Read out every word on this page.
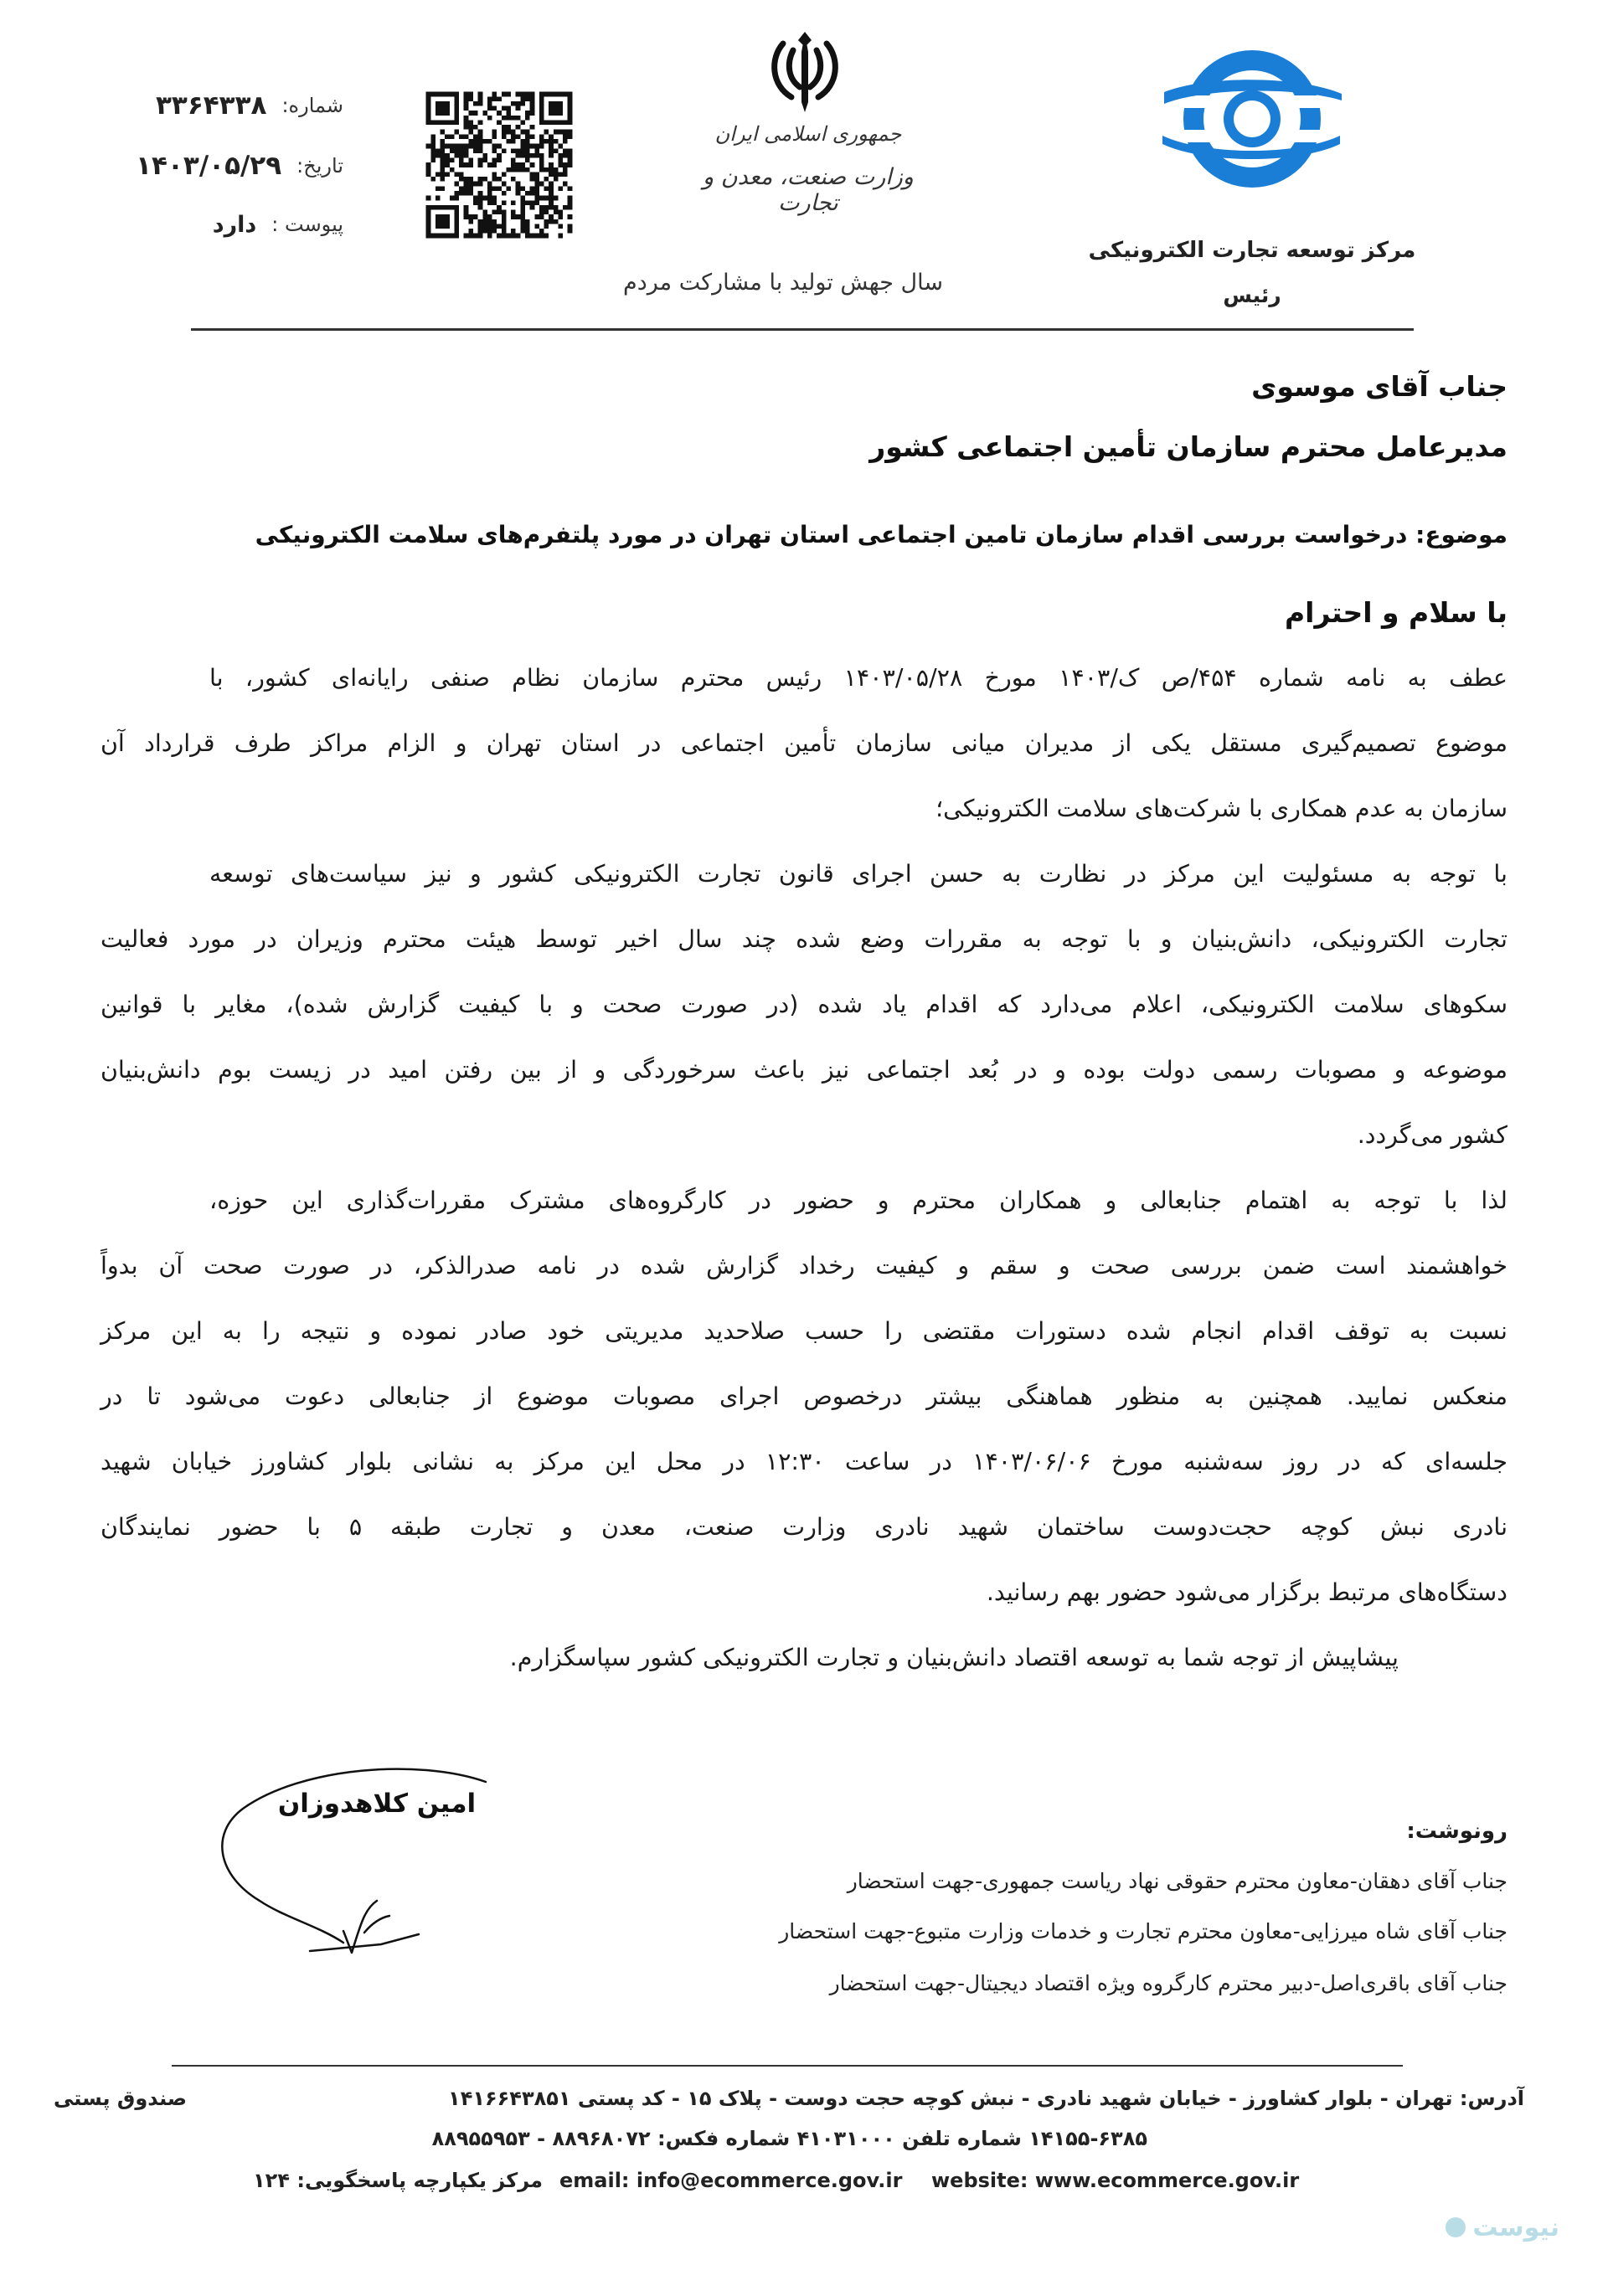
شماره:
۳۳۶۴۳۳۸
تاریخ:
۱۴۰۳/۰۵/۲۹
پیوست :
دارد
جمهوری اسلامی ایران
وزارت صنعت، معدن و تجارت
سال جهش تولید با مشارکت مردم
مرکز توسعه تجارت الکترونیکی
رئیس
جناب آقای موسوی
مدیرعامل محترم سازمان تأمین اجتماعی کشور
موضوع: درخواست بررسی اقدام سازمان تامین اجتماعی استان تهران در مورد پلتفرم‌های سلامت الکترونیکی
با سلام و احترام
عطف به نامه شماره ۴۵۴/ص ک/۱۴۰۳ مورخ ۱۴۰۳/۰۵/۲۸ رئیس محترم سازمان نظام صنفی رایانه‌ای کشور، با
موضوع تصمیم‌گیری مستقل یکی از مدیران میانی سازمان تأمین اجتماعی در استان تهران و الزام مراکز طرف قرارداد آن
سازمان به عدم همکاری با شرکت‌های سلامت الکترونیکی؛
با توجه به مسئولیت این مرکز در نظارت به حسن اجرای قانون تجارت الکترونیکی کشور و نیز سیاست‌های توسعه
تجارت الکترونیکی، دانش‌بنیان و با توجه به مقررات وضع شده چند سال اخیر توسط هیئت محترم وزیران در مورد فعالیت
سکوهای سلامت الکترونیکی، اعلام می‌دارد که اقدام یاد شده (در صورت صحت و با کیفیت گزارش شده)، مغایر با قوانین
موضوعه و مصوبات رسمی دولت بوده و در بُعد اجتماعی نیز باعث سرخوردگی و از بین رفتن امید در زیست بوم دانش‌بنیان
کشور می‌گردد.
لذا با توجه به اهتمام جنابعالی و همکاران محترم و حضور در کارگروه‌های مشترک مقررات‌گذاری این حوزه،
خواهشمند است ضمن بررسی صحت و سقم و کیفیت رخداد گزارش شده در نامه صدرالذکر، در صورت صحت آن بدواً
نسبت به توقف اقدام انجام شده دستورات مقتضی را حسب صلاحدید مدیریتی خود صادر نموده و نتیجه را به این مرکز
منعکس نمایید. همچنین به منظور هماهنگی بیشتر درخصوص اجرای مصوبات موضوع از جنابعالی دعوت می‌شود تا در
جلسه‌ای که در روز سه‌شنبه مورخ ۱۴۰۳/۰۶/۰۶ در ساعت ۱۲:۳۰ در محل این مرکز به نشانی بلوار کشاورز خیابان شهید
نادری نبش کوچه حجت‌دوست ساختمان شهید نادری وزارت صنعت، معدن و تجارت طبقه ۵ با حضور نمایندگان
دستگاه‌های مرتبط برگزار می‌شود حضور بهم رسانید.
پیشاپیش از توجه شما به توسعه اقتصاد دانش‌بنیان و تجارت الکترونیکی کشور سپاسگزارم.
امین کلاهدوزان
رونوشت:
جناب آقای دهقان-معاون محترم حقوقی نهاد ریاست جمهوری-جهت استحضار
جناب آقای شاه میرزایی-معاون محترم تجارت و خدمات وزارت متبوع-جهت استحضار
جناب آقای باقری‌اصل-دبیر محترم کارگروه ویژه اقتصاد دیجیتال-جهت استحضار
آدرس: تهران - بلوار کشاورز - خیابان شهید نادری - نبش کوچه حجت دوست - پلاک ۱۵ - کد پستی ۱۴۱۶۶۴۳۸۵۱
صندوق پستی
۱۴۱۵۵-۶۳۸۵ شماره تلفن ۴۱۰۳۱۰۰۰ شماره فکس: ۸۸۹۶۸۰۷۲ - ۸۸۹۵۵۹۵۳
website: www.ecommerce.gov.ir
email: info@ecommerce.gov.ir
مرکز یکپارچه پاسخگویی: ۱۲۴
نیوست
